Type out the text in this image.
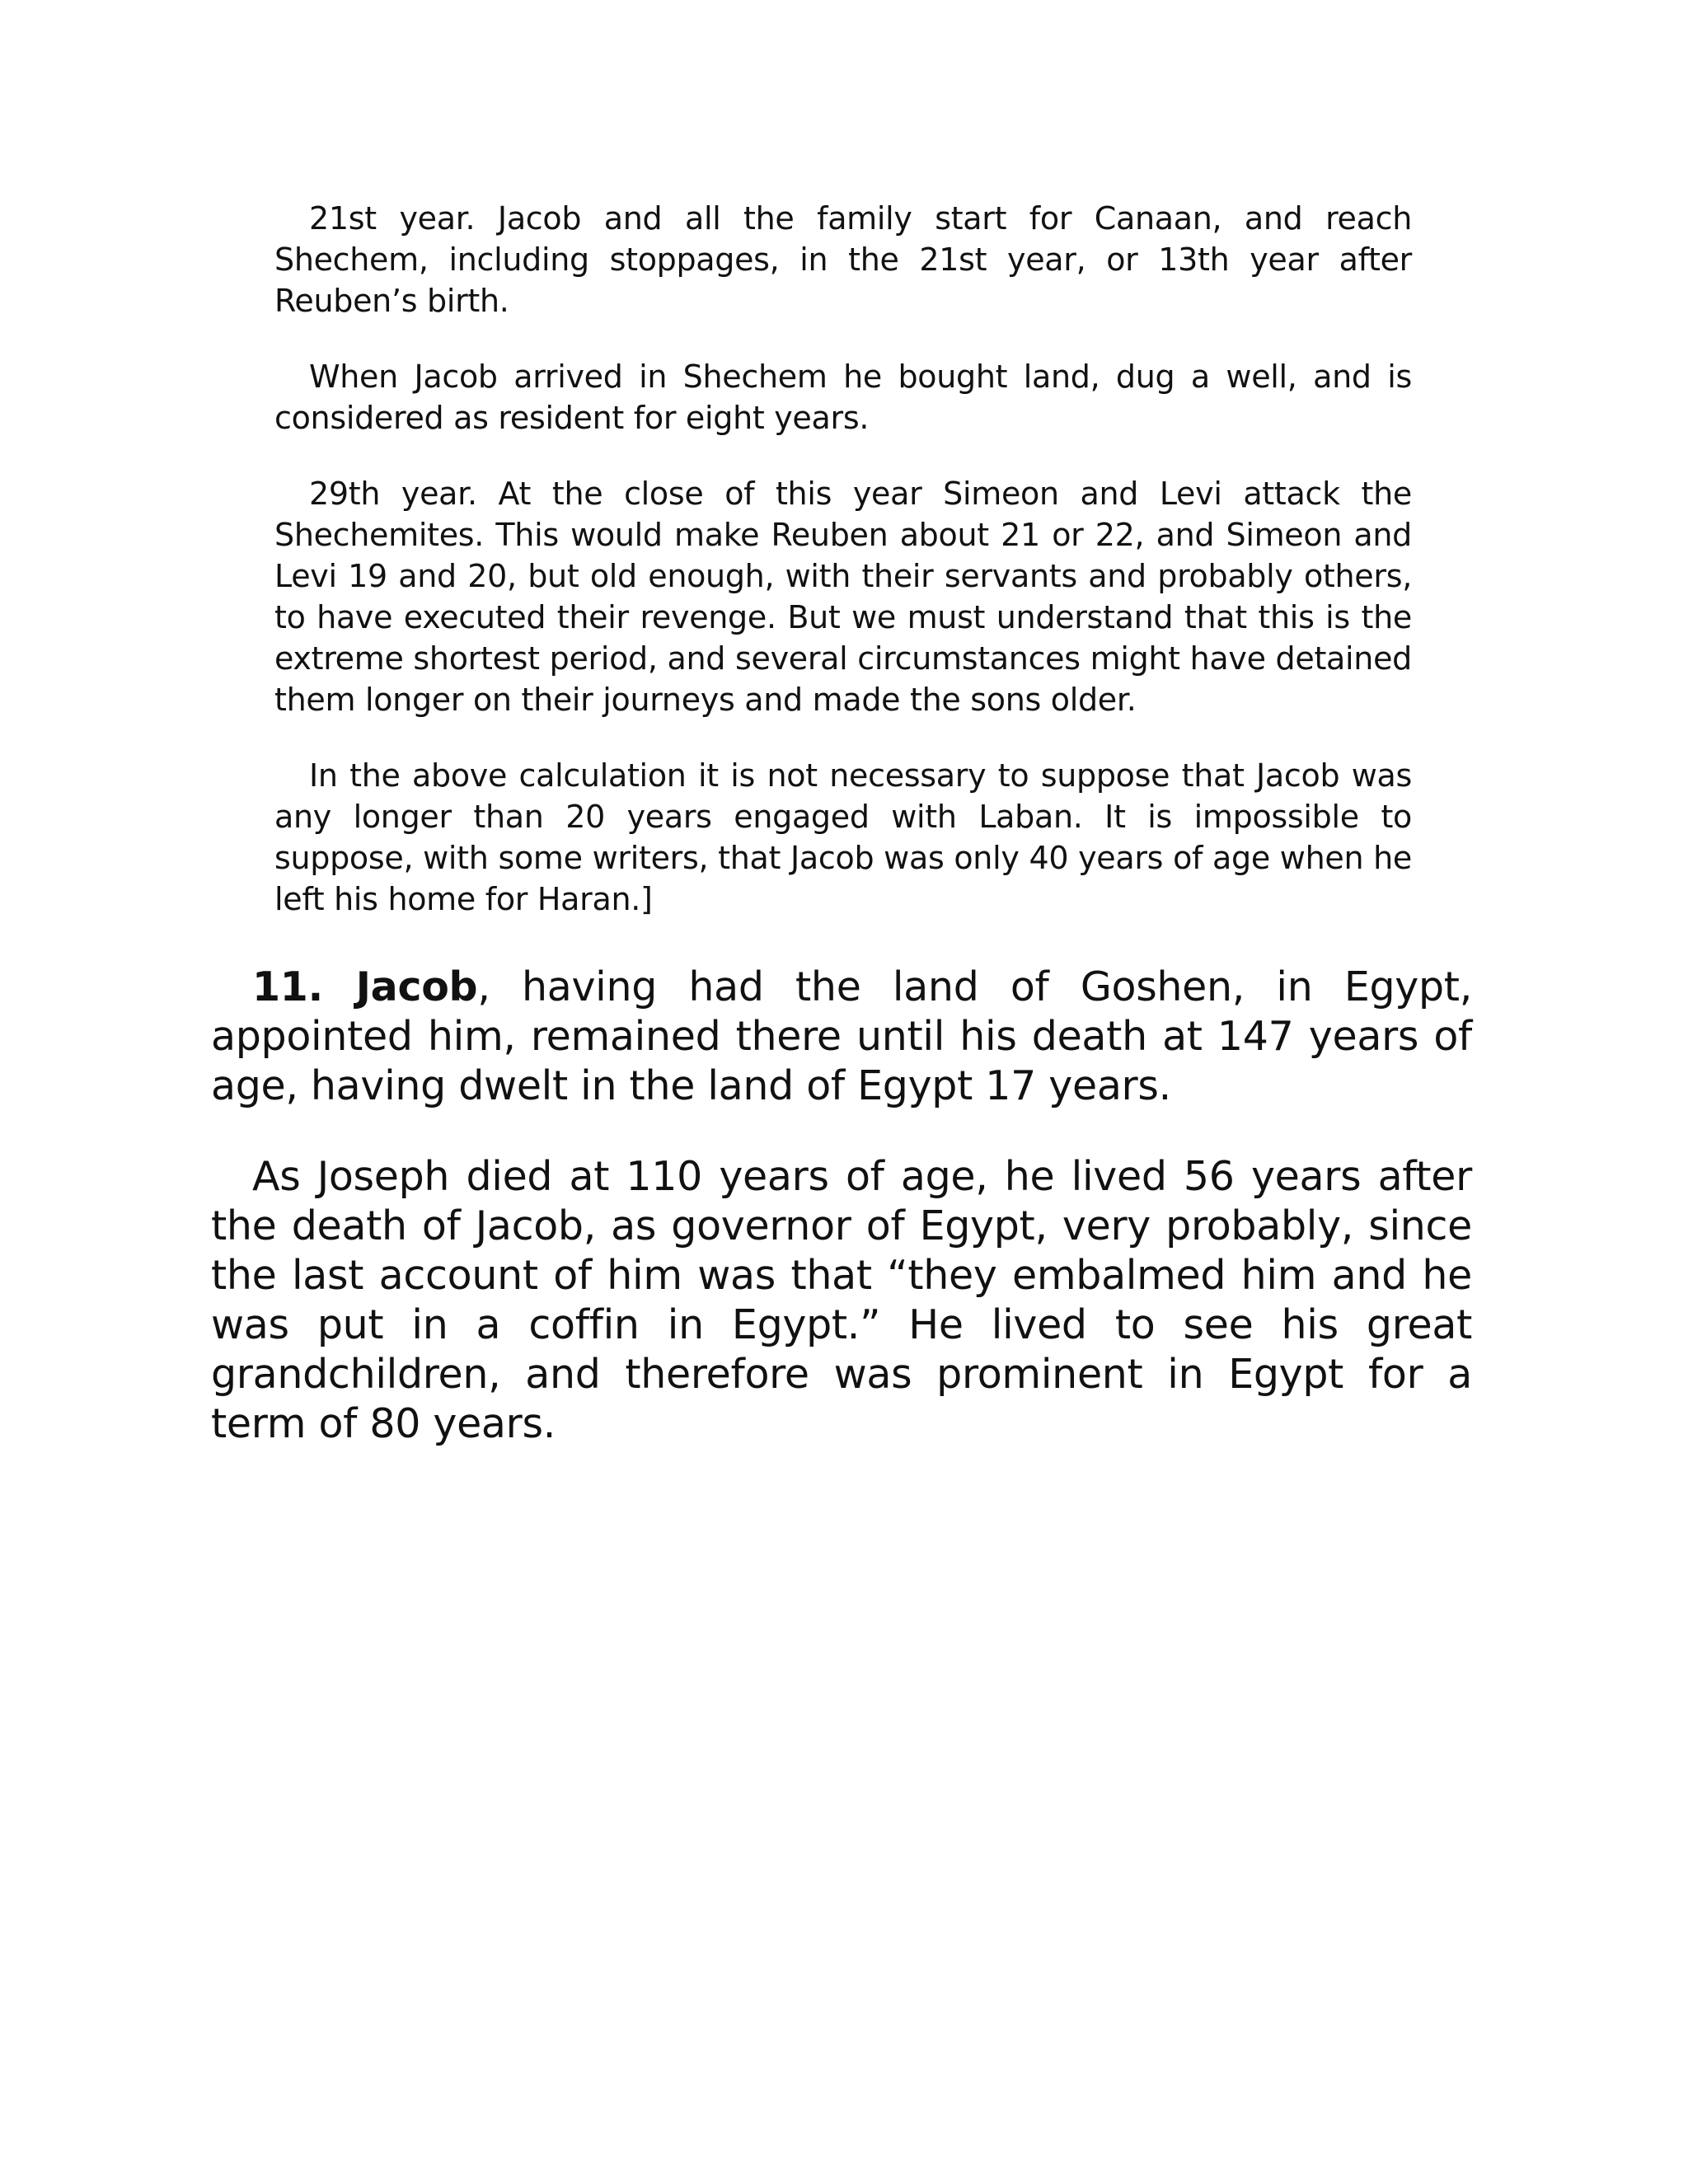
21st year. Jacob and all the family start for Canaan, and reach Shechem, including stoppages, in the 21st year, or 13th year after Reuben’s birth.

When Jacob arrived in Shechem he bought land, dug a well, and is considered as resident for eight years.

29th year. At the close of this year Simeon and Levi attack the Shechemites. This would make Reuben about 21 or 22, and Simeon and Levi 19 and 20, but old enough, with their servants and probably others, to have executed their revenge. But we must understand that this is the extreme shortest period, and several circumstances might have detained them longer on their journeys and made the sons older.

In the above calculation it is not necessary to suppose that Jacob was any longer than 20 years engaged with Laban. It is impossible to suppose, with some writers, that Jacob was only 40 years of age when he left his home for Haran.]

11. Jacob, having had the land of Goshen, in Egypt, appointed him, remained there until his death at 147 years of age, having dwelt in the land of Egypt 17 years.

As Joseph died at 110 years of age, he lived 56 years after the death of Jacob, as governor of Egypt, very probably, since the last account of him was that “they embalmed him and he was put in a coffin in Egypt.” He lived to see his great grandchildren, and therefore was prominent in Egypt for a term of 80 years.
